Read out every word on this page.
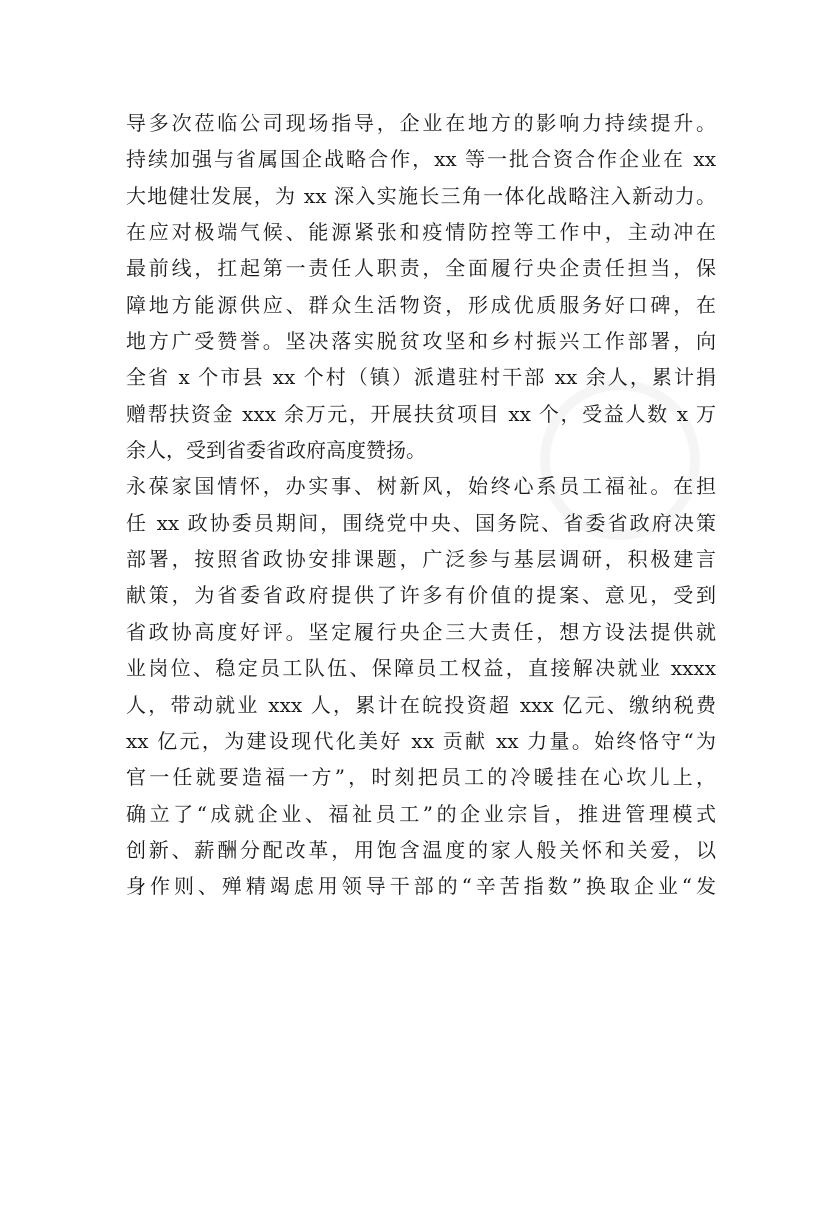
导多次莅临公司现场指导，企业在地方的影响力持续提升。
持续加强与省属国企战略合作，xx 等一批合资合作企业在 xx
大地健壮发展，为 xx 深入实施长三角一体化战略注入新动力。
在应对极端气候、能源紧张和疫情防控等工作中，主动冲在
最前线，扛起第一责任人职责，全面履行央企责任担当，保
障地方能源供应、群众生活物资，形成优质服务好口碑，在
地方广受赞誉。坚决落实脱贫攻坚和乡村振兴工作部署，向
全省 x 个市县 xx 个村（镇）派遣驻村干部 xx 余人，累计捐
赠帮扶资金 xxx 余万元，开展扶贫项目 xx 个，受益人数 x 万
余人，受到省委省政府高度赞扬。
永葆家国情怀，办实事、树新风，始终心系员工福祉。在担
任 xx 政协委员期间，围绕党中央、国务院、省委省政府决策
部署，按照省政协安排课题，广泛参与基层调研，积极建言
献策，为省委省政府提供了许多有价值的提案、意见，受到
省政协高度好评。坚定履行央企三大责任，想方设法提供就
业岗位、稳定员工队伍、保障员工权益，直接解决就业 xxxx
人，带动就业 xxx 人，累计在皖投资超 xxx 亿元、缴纳税费
xx 亿元，为建设现代化美好 xx 贡献 xx 力量。始终恪守“为
官一任就要造福一方”，时刻把员工的冷暖挂在心坎儿上，
确立了“成就企业、福祉员工”的企业宗旨，推进管理模式
创新、薪酬分配改革，用饱含温度的家人般关怀和关爱，以
身作则、殚精竭虑用领导干部的“辛苦指数”换取企业“发
